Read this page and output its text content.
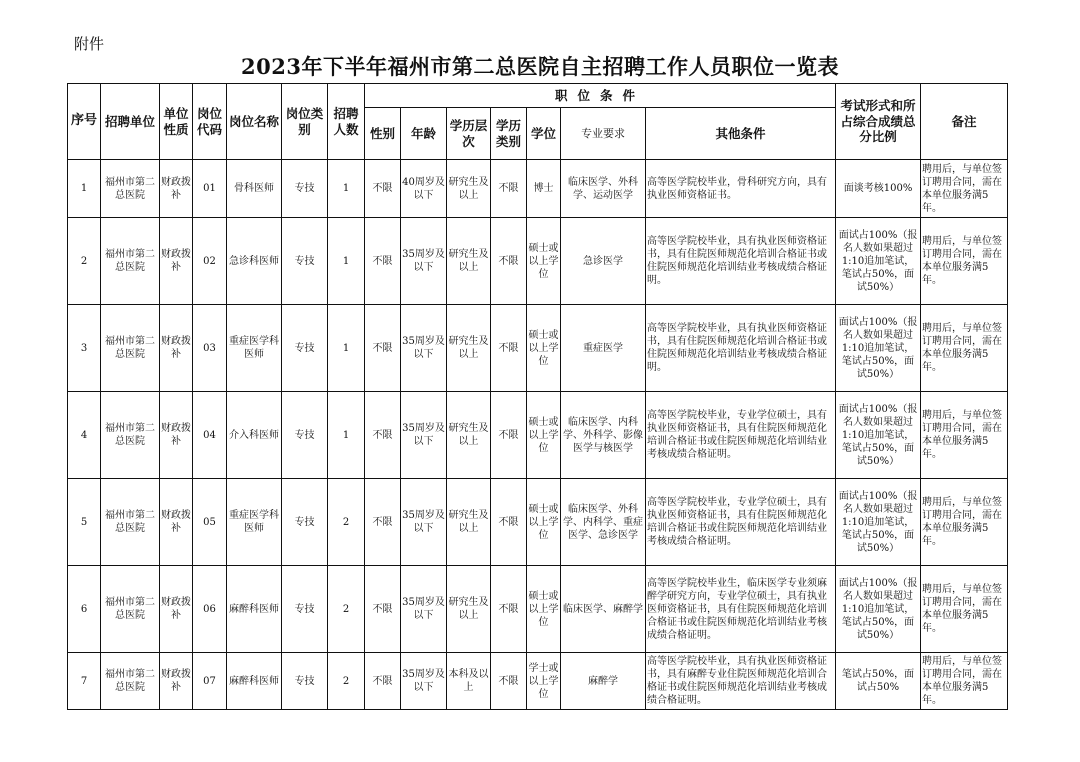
附件
2023年下半年福州市第二总医院自主招聘工作人员职位一览表
序号	招聘单位	单位性质	岗位代码	岗位名称	岗位类别	招聘人数	职位条件							考试形式和所占综合成绩总分比例	备注
							性别	年龄	学历层次	学历类别	学位	专业要求	其他条件		
1	福州市第二总医院	财政拨补	01	骨科医师	专技	1	不限	40周岁及以下	研究生及以上	不限	博士	临床医学、外科学、运动医学	高等医学院校毕业，骨科研究方向，具有执业医师资格证书。	面谈考核100%	聘用后，与单位签订聘用合同，需在本单位服务满5年。
2	福州市第二总医院	财政拨补	02	急诊科医师	专技	1	不限	35周岁及以下	研究生及以上	不限	硕士或以上学位	急诊医学	高等医学院校毕业，具有执业医师资格证书，具有住院医师规范化培训合格证书或住院医师规范化培训结业考核成绩合格证明。	面试占100%（报名人数如果超过1:10追加笔试，笔试占50%，面试50%）	聘用后，与单位签订聘用合同，需在本单位服务满5年。
3	福州市第二总医院	财政拨补	03	重症医学科医师	专技	1	不限	35周岁及以下	研究生及以上	不限	硕士或以上学位	重症医学	高等医学院校毕业，具有执业医师资格证书，具有住院医师规范化培训合格证书或住院医师规范化培训结业考核成绩合格证明。	面试占100%（报名人数如果超过1:10追加笔试，笔试占50%，面试50%）	聘用后，与单位签订聘用合同，需在本单位服务满5年。
4	福州市第二总医院	财政拨补	04	介入科医师	专技	1	不限	35周岁及以下	研究生及以上	不限	硕士或以上学位	临床医学、内科学、外科学、影像医学与核医学	高等医学院校毕业，专业学位硕士，具有执业医师资格证书，具有住院医师规范化培训合格证书或住院医师规范化培训结业考核成绩合格证明。	面试占100%（报名人数如果超过1:10追加笔试，笔试占50%，面试50%）	聘用后，与单位签订聘用合同，需在本单位服务满5年。
5	福州市第二总医院	财政拨补	05	重症医学科医师	专技	2	不限	35周岁及以下	研究生及以上	不限	硕士或以上学位	临床医学、外科学、内科学、重症医学、急诊医学	高等医学院校毕业，专业学位硕士，具有执业医师资格证书，具有住院医师规范化培训合格证书或住院医师规范化培训结业考核成绩合格证明。	面试占100%（报名人数如果超过1:10追加笔试，笔试占50%，面试50%）	聘用后，与单位签订聘用合同，需在本单位服务满5年。
6	福州市第二总医院	财政拨补	06	麻醉科医师	专技	2	不限	35周岁及以下	研究生及以上	不限	硕士或以上学位	临床医学、麻醉学	高等医学院校毕业生，临床医学专业须麻醉学研究方向，专业学位硕士，具有执业医师资格证书，具有住院医师规范化培训合格证书或住院医师规范化培训结业考核成绩合格证明。	面试占100%（报名人数如果超过1:10追加笔试，笔试占50%，面试50%）	聘用后，与单位签订聘用合同，需在本单位服务满5年。
7	福州市第二总医院	财政拨补	07	麻醉科医师	专技	2	不限	35周岁及以下	本科及以上	不限	学士或以上学位	麻醉学	高等医学院校毕业，具有执业医师资格证书，具有麻醉专业住院医师规范化培训合格证书或住院医师规范化培训结业考核成绩合格证明。	笔试占50%，面试占50%	聘用后，与单位签订聘用合同，需在本单位服务满5年。
